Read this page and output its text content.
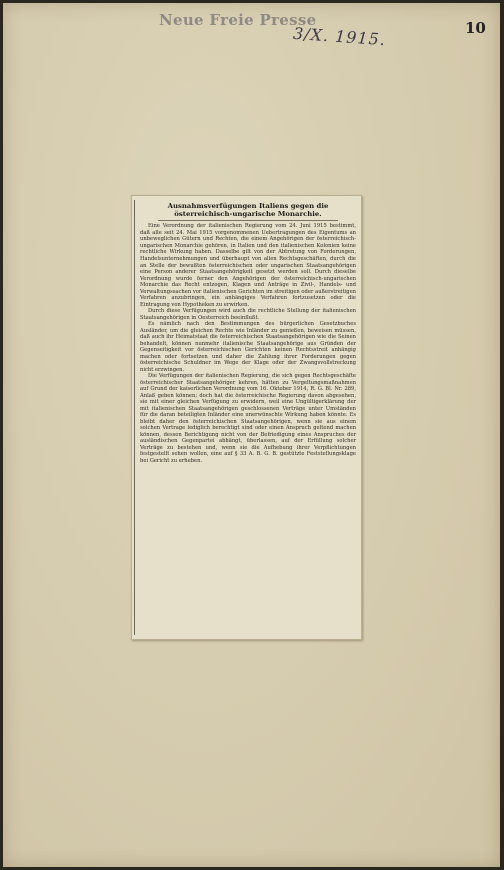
Neue Freie Presse
3/X. 1915.	10
Ausnahmsverfügungen Italiens gegen die österreichisch-ungarische Monarchie.

Eine Verordnung der italienischen Regierung vom 24. Juni 1915 bestimmt, daß alle seit 24. Mai 1915 vorgenommenen Uebertragungen des Eigentums an unbeweglichen Gütern und Rechten, die einem Angehörigen der österreichisch-ungarischen Monarchie gehören, in Italien und den italienischen Kolonien keine rechtliche Wirkung haben. Dasselbe gilt von der Abtretung von Forderungen, Handelsunternehmungen und überhaupt von allen Rechtsgeschäften, durch die an Stelle der bewußten österreichischen oder ungarischen Staatsangehörigen eine Person anderer Staatsangehörigkeit gesetzt werden soll. Durch dieselbe Verordnung wurde ferner den Angehörigen der österreichisch-ungarischen Monarchie das Recht entzogen, Klagen und Anträge in Zivil-, Handels- und Verwaltungssachen vor italienischen Gerichten im streitigen oder außerstreitigen Verfahren anzubringen, ein anhängiges Verfahren fortzusetzen oder die Eintragung von Hypotheken zu erwirken.

Durch diese Verfügungen wird auch die rechtliche Stellung der italienischen Staatsangehörigen in Oesterreich beeinflußt.

Es nämlich nach den Bestimmungen des bürgerlichen Gesetzbuches Ausländer, um die gleichen Rechte wie Inländer zu genießen, beweisen müssen, daß auch ihr Heimatstaat die österreichischen Staatsangehörigen wie die Seinen behandelt, können nunmehr italienische Staatsangehörige aus Gründen der Gegenseitigkeit vor österreichischen Gerichten keinen Rechtsstreit anhängig machen oder fortsetzen und daher die Zahlung ihrer Forderungen gegen österreichische Schuldner im Wege der Klage oder der Zwangsvollstreckung nicht erzwingen.

Die Verfügungen der italienischen Regierung, die sich gegen Rechtsgeschäfte österreichischer Staatsangehöriger kehren, hätten zu Vergeltungsmaßnahmen auf Grund der kaiserlichen Verordnung vom 16. Oktober 1914, R. G. Bl. Nr. 289, Anlaß geben können; doch hat die österreichische Regierung davon abgesehen, sie mit einer gleichen Verfügung zu erwidern, weil eine Ungültigerklärung der mit italienischen Staatsangehörigen geschlossenen Verträge unter Umständen für die daran beteiligten Inländer eine unerwünschte Wirkung haben könnte. Es bleibt daher den österreichischen Staatsangehörigen, wenn sie aus einem solchen Vertrage lediglich berechtigt sind oder einen Anspruch geltend machen können, dessen Berichtigung nicht von der Befriedigung eines Anspruches der ausländischen Gegenpartei abhängt, überlassen, auf der Erfüllung solcher Verträge zu bestehen und, wenn sie die Aufhebung ihrer Verpflichtungen festgestellt sehen wollen, eine auf § 33 A. B. G. B. gestützte Feststellungsklage bei Gericht zu erheben.
